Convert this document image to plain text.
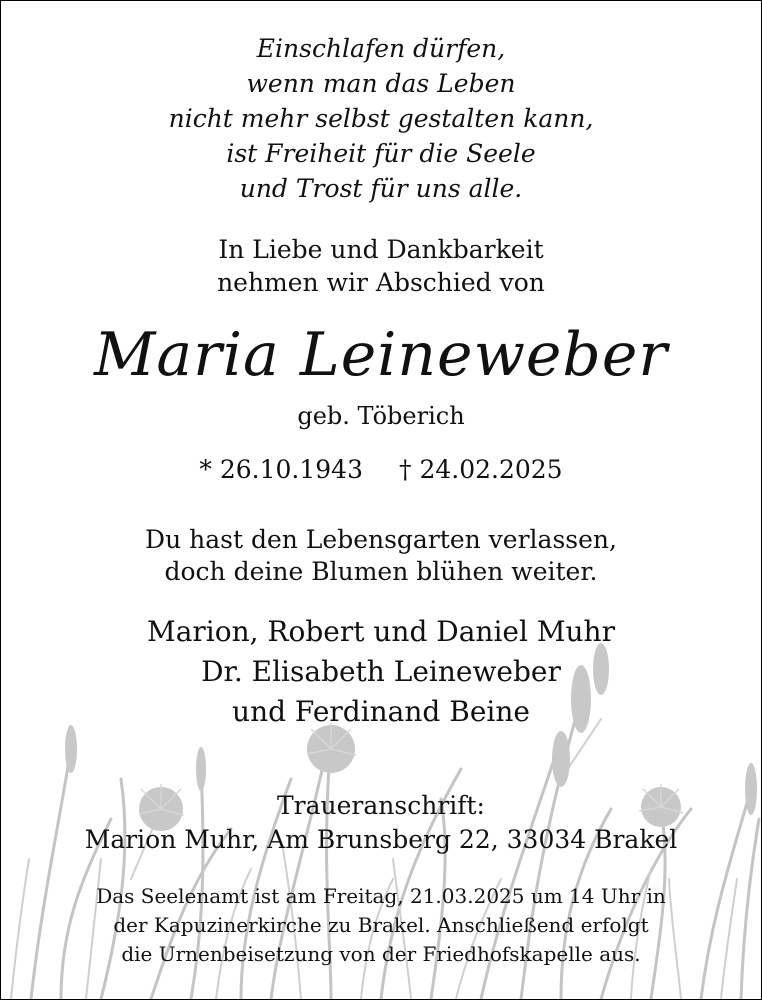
Einschlafen dürfen,
wenn man das Leben
nicht mehr selbst gestalten kann,
ist Freiheit für die Seele
und Trost für uns alle.
In Liebe und Dankbarkeit
nehmen wir Abschied von
Maria Leineweber
geb. Töberich
* 26.10.1943 † 24.02.2025
Du hast den Lebensgarten verlassen,
doch deine Blumen blühen weiter.
Marion, Robert und Daniel Muhr
Dr. Elisabeth Leineweber
und Ferdinand Beine
Traueranschrift:
Marion Muhr, Am Brunsberg 22, 33034 Brakel
Das Seelenamt ist am Freitag, 21.03.2025 um 14 Uhr in
der Kapuzinerkirche zu Brakel. Anschließend erfolgt
die Urnenbeisetzung von der Friedhofskapelle aus.
